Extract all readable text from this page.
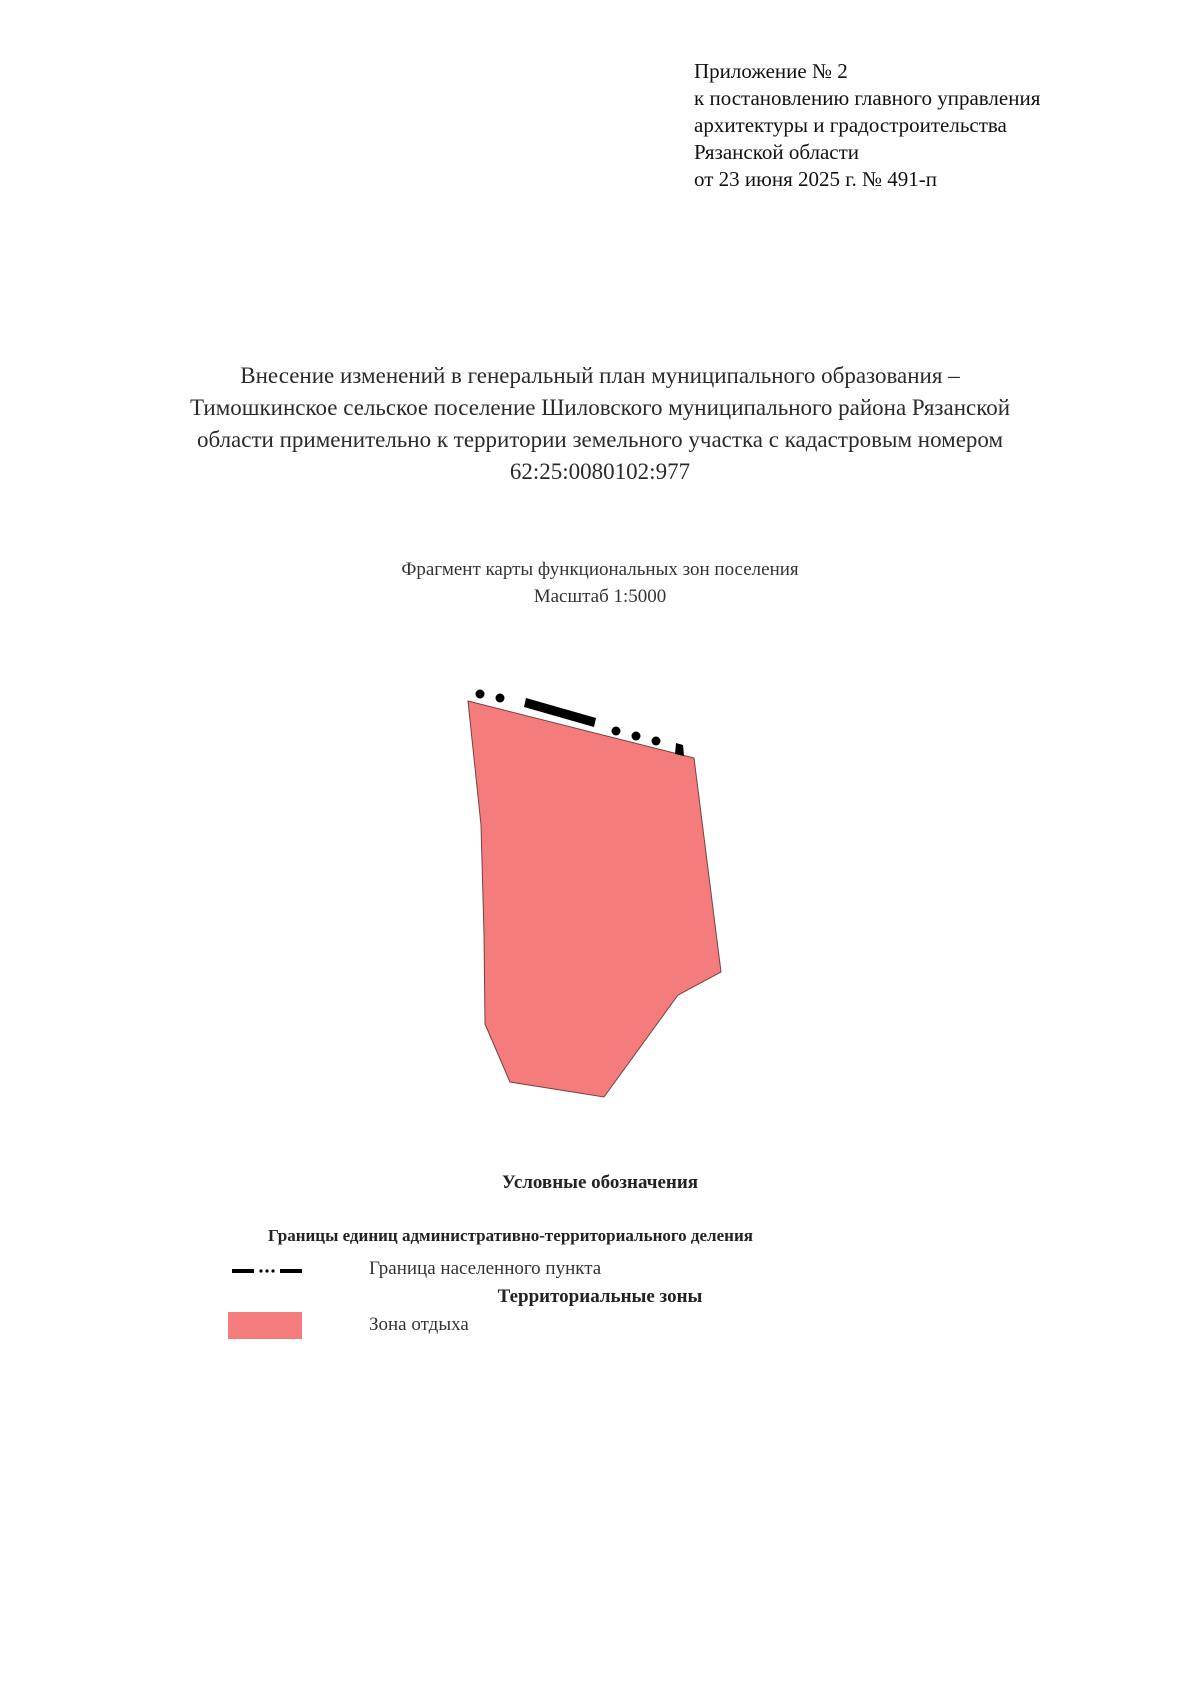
Приложение № 2
к постановлению главного управления
архитектуры и градостроительства
Рязанской области
от 23 июня 2025 г. № 491-п
Внесение изменений в генеральный план муниципального образования –
Тимошкинское сельское поселение Шиловского муниципального района Рязанской
области применительно к территории земельного участка с кадастровым номером
62:25:0080102:977
Фрагмент карты функциональных зон поселения
Масштаб 1:5000
Условные обозначения
Границы единиц административно-территориального деления
Граница населенного пункта
Территориальные зоны
Зона отдыха
